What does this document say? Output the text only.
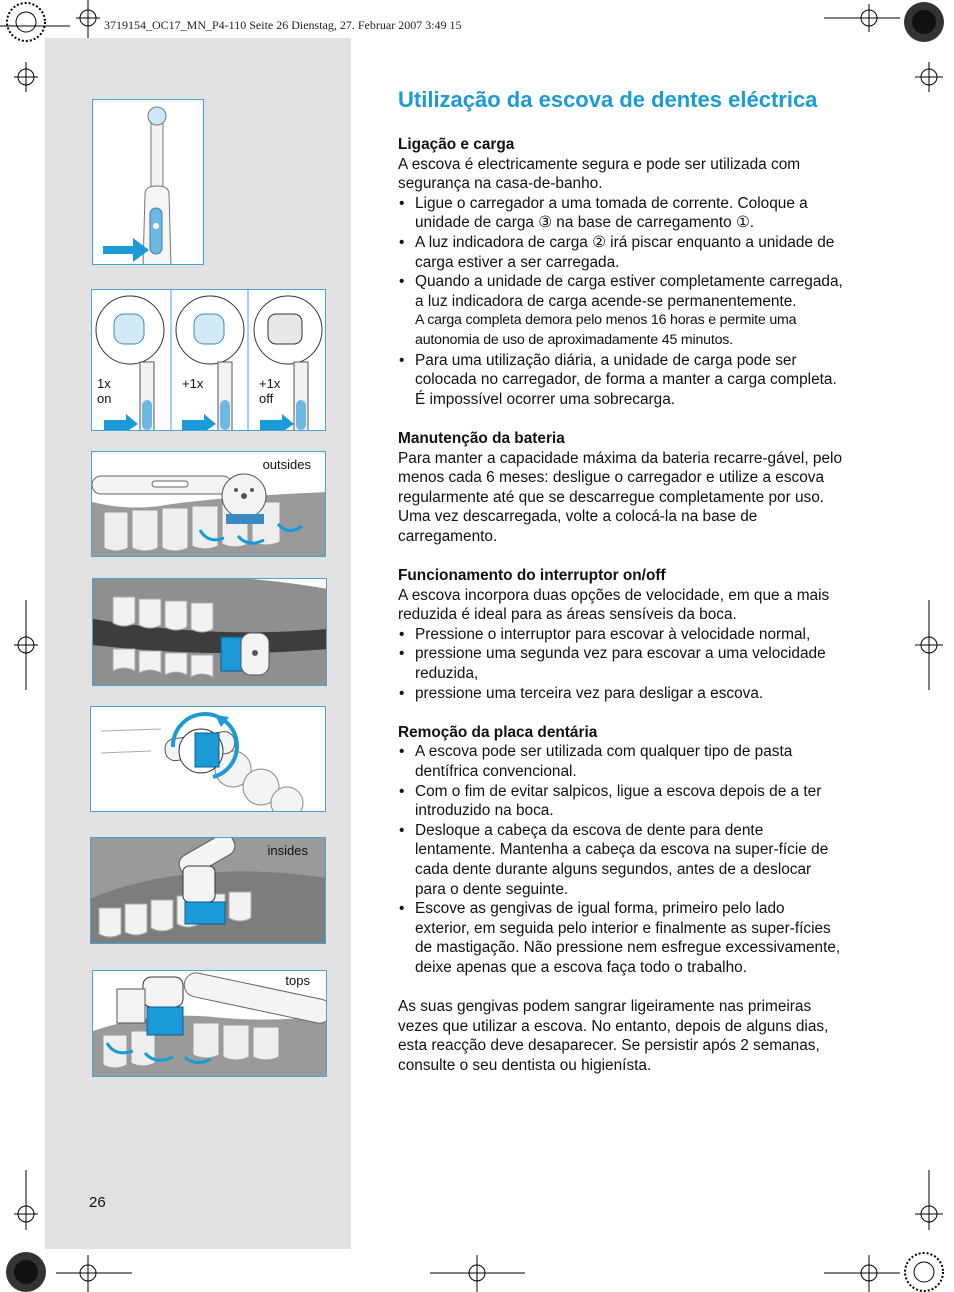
3719154_OC17_MN_P4-110 Seite 26 Dienstag, 27. Februar 2007 3:49 15
1x
on
+1x	+1x
off
outsides
insides
tops
26
Utilização da escova de dentes eléctrica
Ligação e carga

A escova é electricamente segura e pode ser utilizada com segurança na casa-de-banho.

• Ligue o carregador a uma tomada de corrente. Coloque a unidade de carga ③ na base de carregamento ①.
• A luz indicadora de carga ② irá piscar enquanto a unidade de carga estiver a ser carregada.
• Quando a unidade de carga estiver completamente carregada, a luz indicadora de carga acende-se permanentemente.
A carga completa demora pelo menos 16 horas e permite uma autonomia de uso de aproximadamente 45 minutos.
• Para uma utilização diária, a unidade de carga pode ser colocada no carregador, de forma a manter a carga completa. É impossível ocorrer uma sobrecarga.
Manutenção da bateria

Para manter a capacidade máxima da bateria recarre-gável, pelo menos cada 6 meses: desligue o carregador e utilize a escova regularmente até que se descarregue completamente por uso. Uma vez descarregada, volte a colocá-la na base de carregamento.

Funcionamento do interruptor on/off

A escova incorpora duas opções de velocidade, em que a mais reduzida é ideal para as áreas sensíveis da boca.

• Pressione o interruptor para escovar à velocidade normal,
• pressione uma segunda vez para escovar a uma velocidade reduzida,
• pressione uma terceira vez para desligar a escova.
Remoção da placa dentária
• A escova pode ser utilizada com qualquer tipo de pasta dentífrica convencional.
• Com o fim de evitar salpicos, ligue a escova depois de a ter introduzido na boca.
• Desloque a cabeça da escova de dente para dente lentamente. Mantenha a cabeça da escova na super-fície de cada dente durante alguns segundos, antes de a deslocar para o dente seguinte.
• Escove as gengivas de igual forma, primeiro pelo lado exterior, em seguida pelo interior e finalmente as super-fícies de mastigação. Não pressione nem esfregue excessivamente, deixe apenas que a escova faça todo o trabalho.

As suas gengivas podem sangrar ligeiramente nas primeiras vezes que utilizar a escova. No entanto, depois de alguns dias, esta reacção deve desaparecer. Se persistir após 2 semanas, consulte o seu dentista ou higienísta.
